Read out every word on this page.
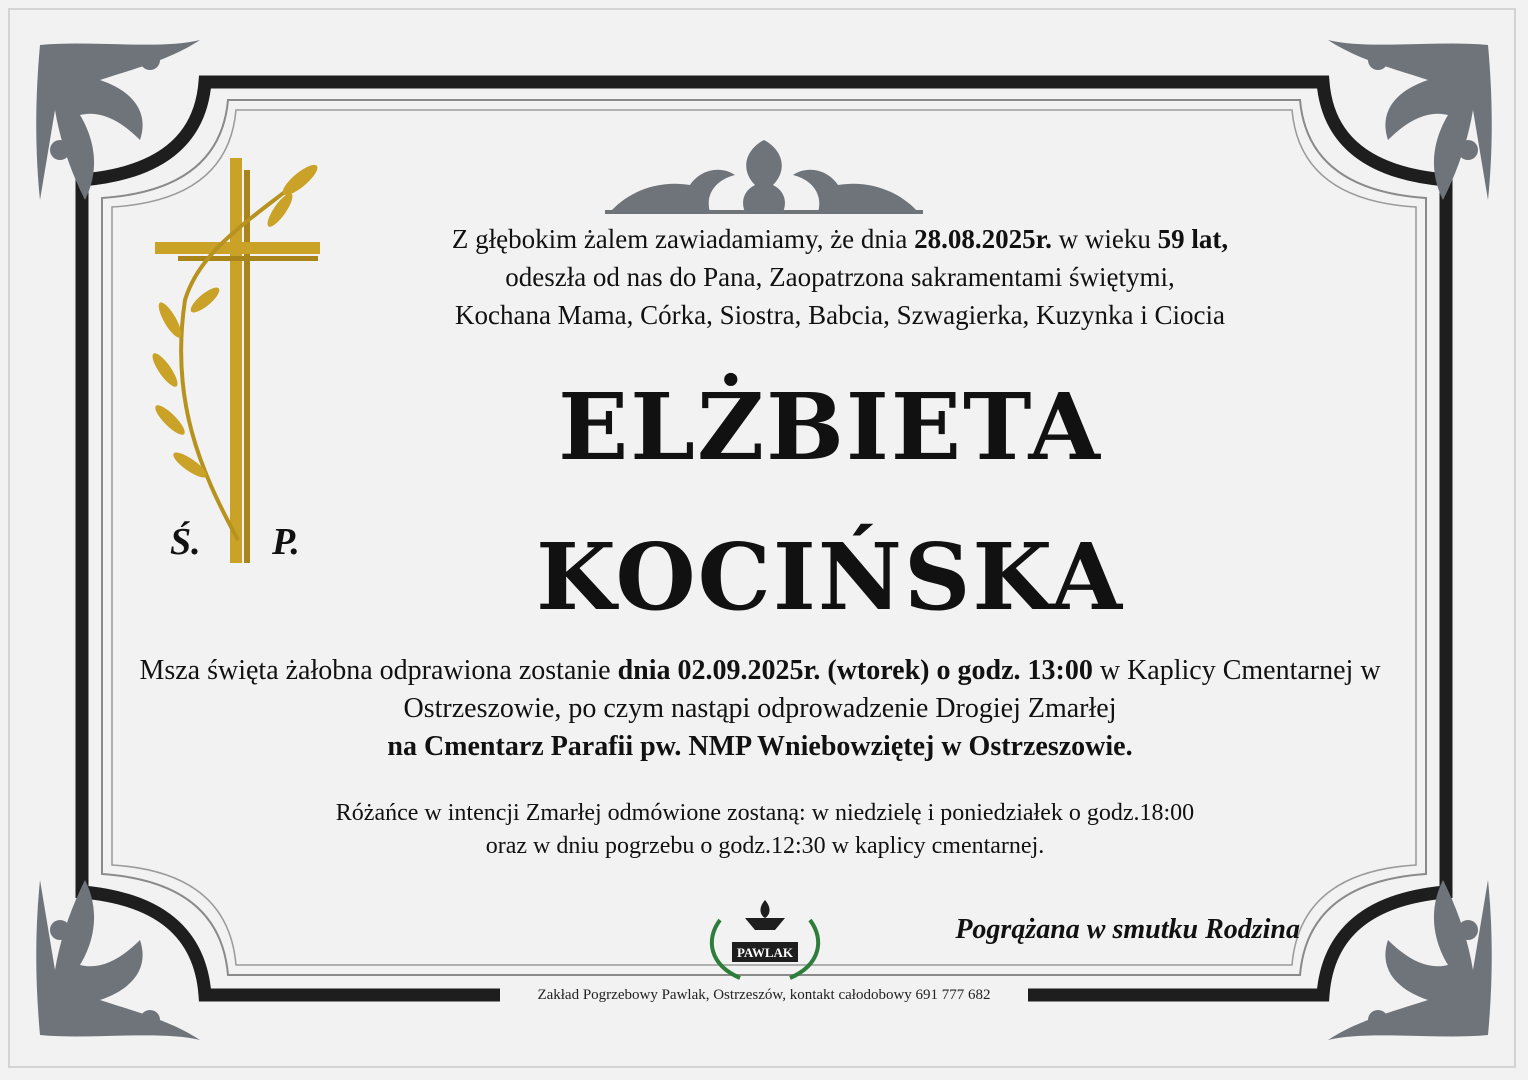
PAWLAK
Ś. P.
Z głębokim żalem zawiadamiamy, że dnia 28.08.2025r. w wieku 59 lat,
odeszła od nas do Pana, Zaopatrzona sakramentami świętymi,
Kochana Mama, Córka, Siostra, Babcia, Szwagierka, Kuzynka i Ciocia
ELŻBIETA
KOCIŃSKA
Msza święta żałobna odprawiona zostanie dnia 02.09.2025r. (wtorek) o godz. 13:00 w Kaplicy Cmentarnej w Ostrzeszowie, po czym nastąpi odprowadzenie Drogiej Zmarłej
na Cmentarz Parafii pw. NMP Wniebowziętej w Ostrzeszowie.
Różańce w intencji Zmarłej odmówione zostaną: w niedzielę i poniedziałek o godz.18:00
oraz w dniu pogrzebu o godz.12:30 w kaplicy cmentarnej.
Pogrążana w smutku Rodzina
Zakład Pogrzebowy Pawlak, Ostrzeszów, kontakt całodobowy 691 777 682
